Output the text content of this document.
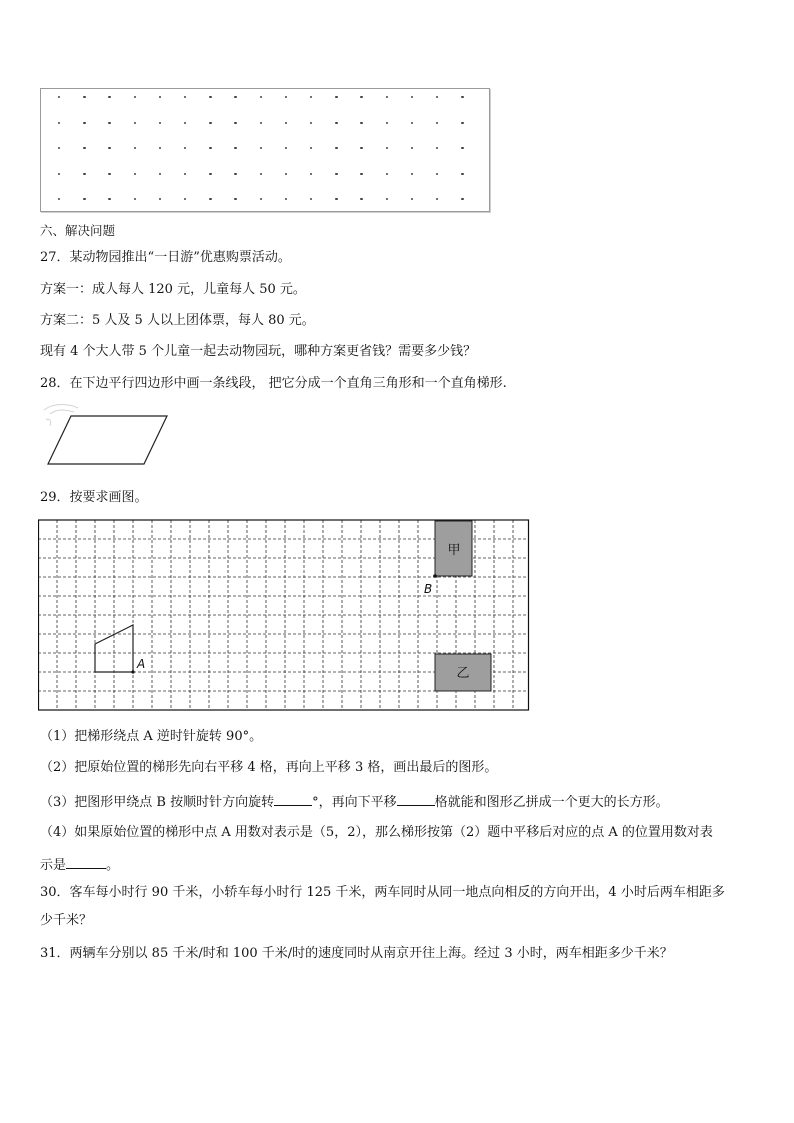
六、解决问题
27．某动物园推出“一日游”优惠购票活动。
方案一：成人每人 120 元，儿童每人 50 元。
方案二：5 人及 5 人以上团体票，每人 80 元。
现有 4 个大人带 5 个儿童一起去动物园玩，哪种方案更省钱？需要多少钱？
28．在下边平行四边形中画一条线段， 把它分成一个直角三角形和一个直角梯形.
29．按要求画图。
甲
B
乙
A
（1）把梯形绕点 A 逆时针旋转 90°。
（2）把原始位置的梯形先向右平移 4 格，再向上平移 3 格，画出最后的图形。
（3）把图形甲绕点 B 按顺时针方向旋转	°，再向下平移	格就能和图形乙拼成一个更大的长方形。
（4）如果原始位置的梯形中点 A 用数对表示是（5，2），那么梯形按第（2）题中平移后对应的点 A 的位置用数对表
示是	。
30．客车每小时行 90 千米，小轿车每小时行 125 千米，两车同时从同一地点向相反的方向开出，4 小时后两车相距多
少千米？
31．两辆车分别以 85 千米/时和 100 千米/时的速度同时从南京开往上海。经过 3 小时，两车相距多少千米？
